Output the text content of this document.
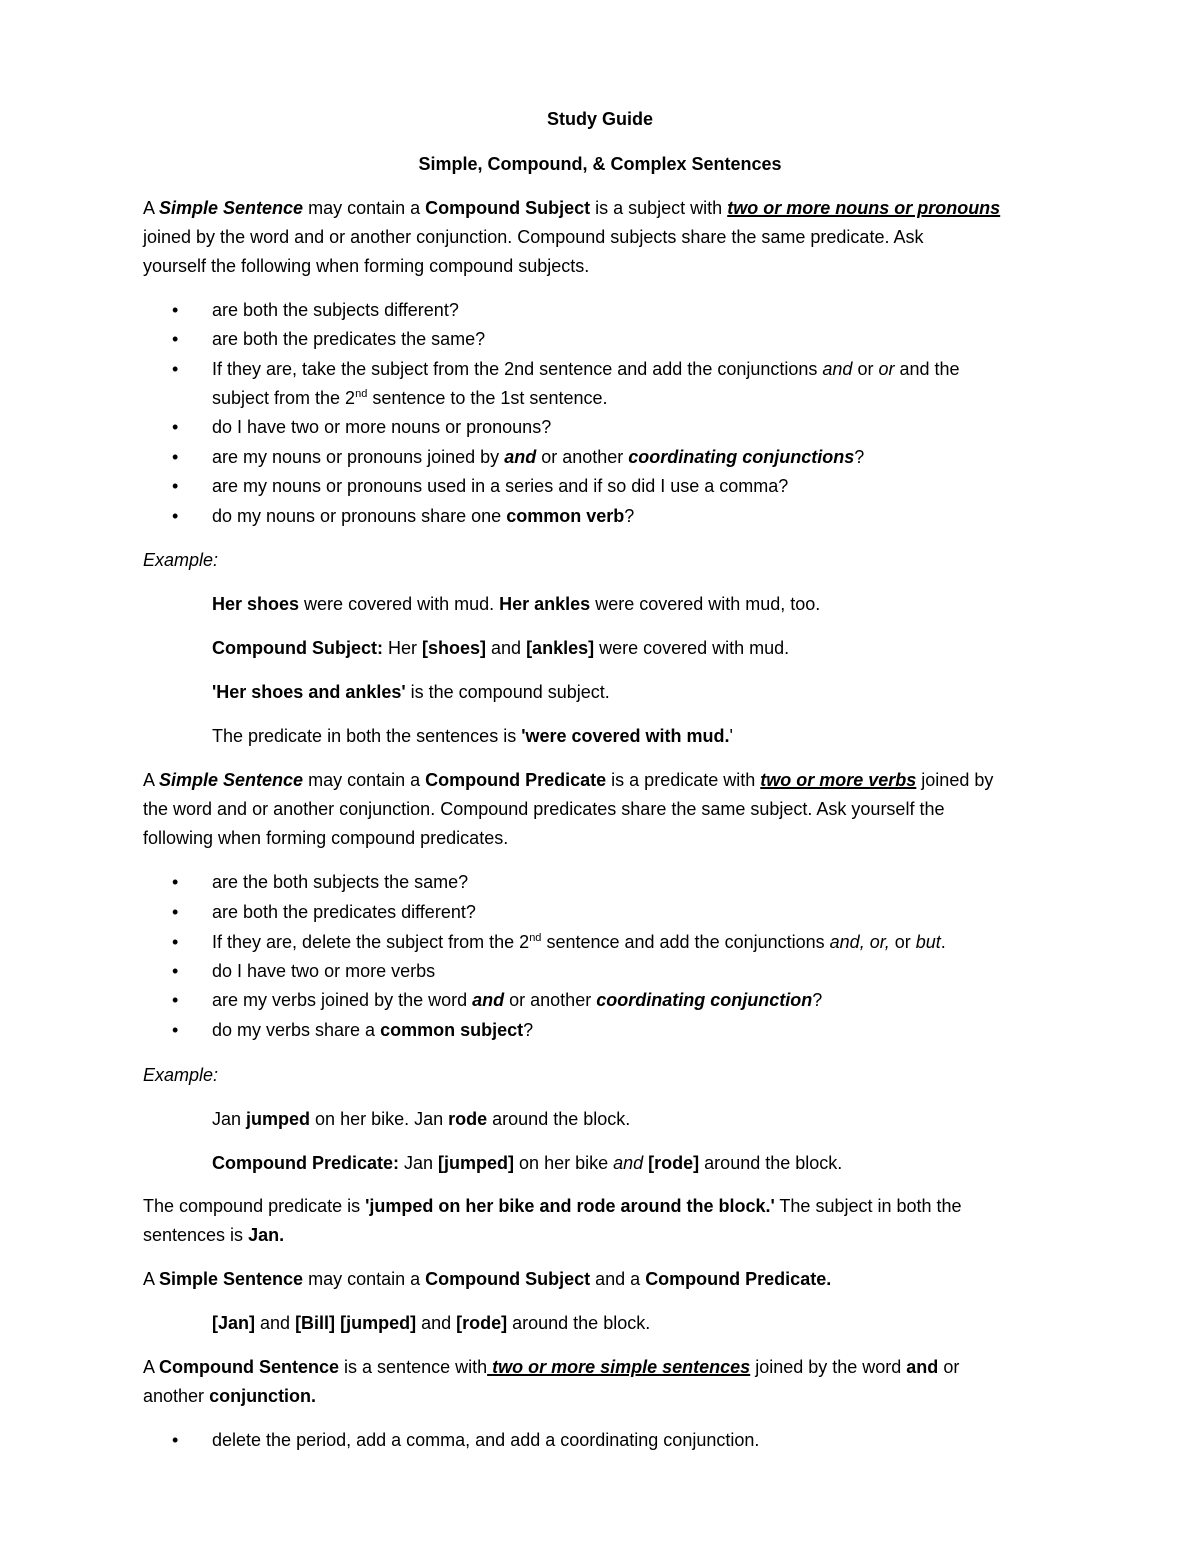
Study Guide
Simple, Compound, & Complex Sentences
A Simple Sentence may contain a Compound Subject is a subject with two or more nouns or pronouns
joined by the word and or another conjunction. Compound subjects share the same predicate. Ask
yourself the following when forming compound subjects.
• are both the subjects different?
• are both the predicates the same?
• If they are, take the subject from the 2nd sentence and add the conjunctions and or or and the
subject from the 2nd sentence to the 1st sentence.
• do I have two or more nouns or pronouns?
• are my nouns or pronouns joined by and or another coordinating conjunctions?
• are my nouns or pronouns used in a series and if so did I use a comma?
• do my nouns or pronouns share one common verb?
Example:
Her shoes were covered with mud. Her ankles were covered with mud, too.
Compound Subject: Her [shoes] and [ankles] were covered with mud.
'Her shoes and ankles' is the compound subject.
The predicate in both the sentences is 'were covered with mud.'
A Simple Sentence may contain a Compound Predicate is a predicate with two or more verbs joined by
the word and or another conjunction. Compound predicates share the same subject. Ask yourself the
following when forming compound predicates.
• are the both subjects the same?
• are both the predicates different?
• If they are, delete the subject from the 2nd sentence and add the conjunctions and, or, or but.
• do I have two or more verbs
• are my verbs joined by the word and or another coordinating conjunction?
• do my verbs share a common subject?
Example:
Jan jumped on her bike. Jan rode around the block.
Compound Predicate: Jan [jumped] on her bike and [rode] around the block.
The compound predicate is 'jumped on her bike and rode around the block.' The subject in both the
sentences is Jan.
A Simple Sentence may contain a Compound Subject and a Compound Predicate.
[Jan] and [Bill] [jumped] and [rode] around the block.
A Compound Sentence is a sentence with two or more simple sentences joined by the word and or
another conjunction.
• delete the period, add a comma, and add a coordinating conjunction.
